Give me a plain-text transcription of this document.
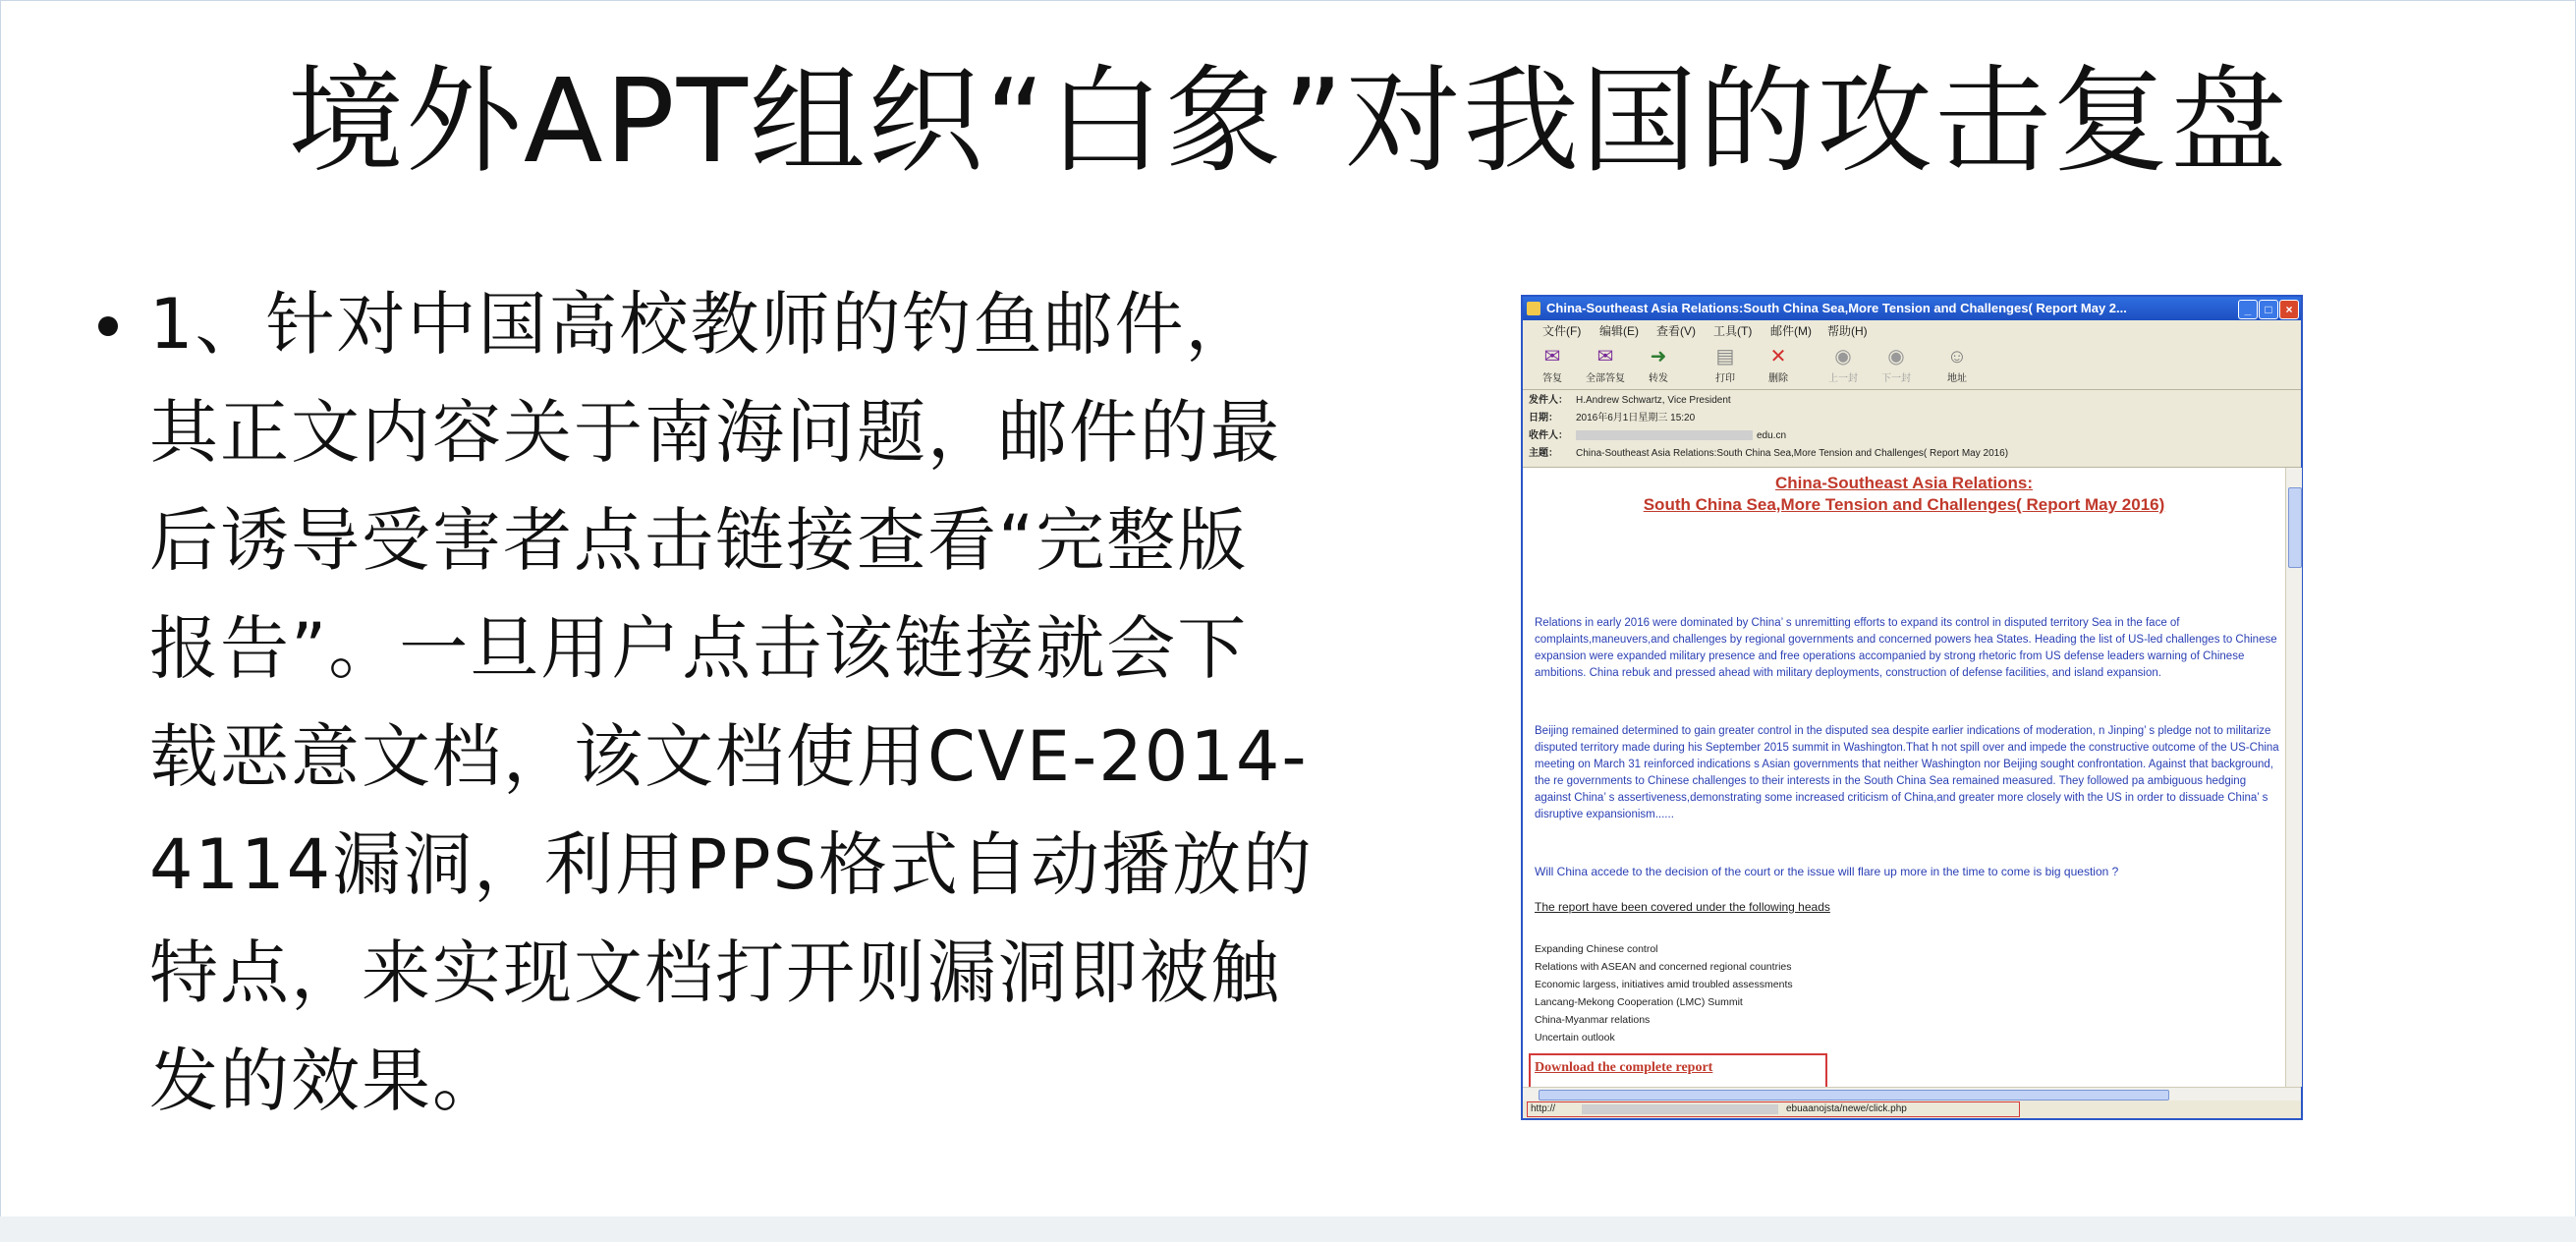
境外APT组织“白象”对我国的攻击复盘
1、针对中国高校教师的钓鱼邮件，
其正文内容关于南海问题，邮件的最
后诱导受害者点击链接查看“完整版
报告”。一旦用户点击该链接就会下
载恶意文档，该文档使用CVE-2014-
4114漏洞，利用PPS格式自动播放的
特点，来实现文档打开则漏洞即被触
发的效果。
China-Southeast Asia Relations:South China Sea,More Tension and Challenges( Report May 2...	_	□	×
文件(F) 编辑(E) 查看(V) 工具(T) 邮件(M) 帮助(H)
✉
答复
✉
全部答复
➜
转发
▤
打印
✕
删除
◉
上一封
◉
下一封
☺
地址
发件人： H.Andrew Schwartz, Vice President
日期： 2016年6月1日星期三 15:20
收件人：	edu.cn
主题： China-Southeast Asia Relations:South China Sea,More Tension and Challenges( Report May 2016)
China-Southeast Asia Relations:
South China Sea,More Tension and Challenges( Report May 2016)
Relations in early 2016 were dominated by China’ s unremitting efforts to expand its control in disputed territory Sea in the face of complaints,maneuvers,and challenges by regional governments and concerned powers hea States. Heading the list of US-led challenges to Chinese expansion were expanded military presence and free operations accompanied by strong rhetoric from US defense leaders warning of Chinese ambitions. China rebuk and pressed ahead with military deployments, construction of defense facilities, and island expansion.
Beijing remained determined to gain greater control in the disputed sea despite earlier indications of moderation, n Jinping’ s pledge not to militarize disputed territory made during his September 2015 summit in Washington.That h not spill over and impede the constructive outcome of the US-China meeting on March 31 reinforced indications s Asian governments that neither Washington nor Beijing sought confrontation. Against that background, the re governments to Chinese challenges to their interests in the South China Sea remained measured. They followed pa ambiguous hedging against China’ s assertiveness,demonstrating some increased criticism of China,and greater more closely with the US in order to dissuade China’ s disruptive expansionism......
Will China accede to the decision of the court or the issue will flare up more in the time to come is big question ?
The report have been covered under the following heads
Expanding Chinese control
Relations with ASEAN and concerned regional countries
Economic largess, initiatives amid troubled assessments
Lancang-Mekong Cooperation (LMC) Summit
China-Myanmar relations
Uncertain outlook
Download the complete report
http://	ebuaanojsta/newe/click.php
